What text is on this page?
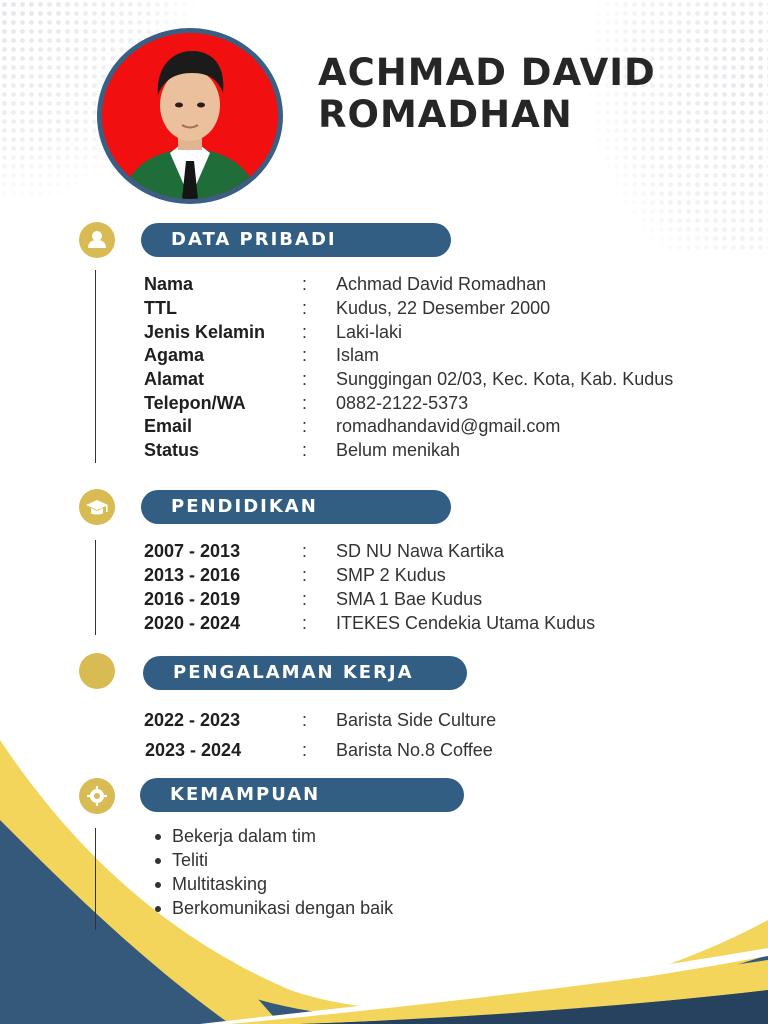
ACHMAD DAVID
ROMADHAN
DATA PRIBADI
Nama	: Achmad David Romadhan
TTL	: Kudus, 22 Desember 2000
Jenis Kelamin : Laki-laki
Agama	: Islam
Alamat	: Sunggingan 02/03, Kec. Kota, Kab. Kudus
Telepon/WA	: 0882-2122-5373
Email	: romadhandavid@gmail.com
Status	: Belum menikah
PENDIDIKAN
2007 - 2013	: SD NU Nawa Kartika
2013 - 2016	: SMP 2 Kudus
2016 - 2019	: SMA 1 Bae Kudus
2020 - 2024	: ITEKES Cendekia Utama Kudus
PENGALAMAN KERJA
2022 - 2023	: Barista Side Culture
2023 - 2024	: Barista No.8 Coffee
KEMAMPUAN
Bekerja dalam tim
Teliti
Multitasking
Berkomunikasi dengan baik
